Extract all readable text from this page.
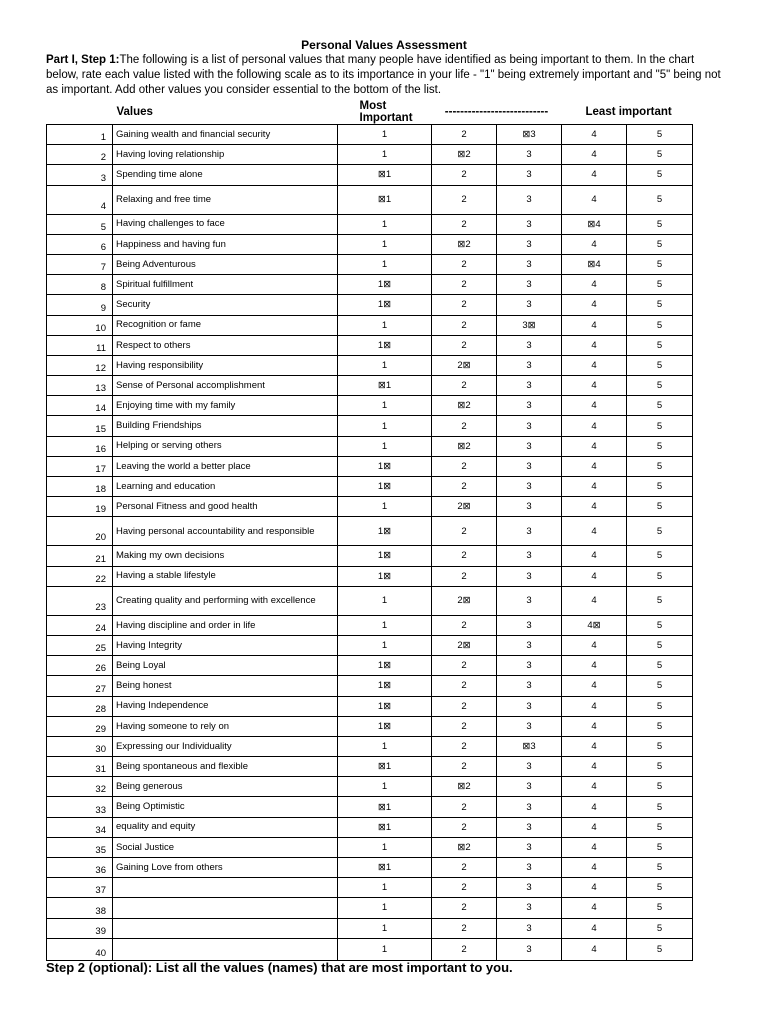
Personal Values Assessment
Part I, Step 1:The following is a list of personal values that many people have identified as being important to them. In the chart below, rate each value listed with the following scale as to its importance in your life - "1" being extremely important and "5" being not as important. Add other values you consider essential to the bottom of the list.
	Values	Most Important	---------------------------		Least important	
1	Gaining wealth and financial security	1	2	⊠3	4	5
2	Having loving relationship	1	⊠2	3	4	5
3	Spending time alone	⊠1	2	3	4	5
4	Relaxing and free time	⊠1	2	3	4	5
5	Having challenges to face	1	2	3	⊠4	5
6	Happiness and having fun	1	⊠2	3	4	5
7	Being Adventurous	1	2	3	⊠4	5
8	Spiritual fulfillment	1⊠	2	3	4	5
9	Security	1⊠	2	3	4	5
10	Recognition or fame	1	2	3⊠	4	5
11	Respect to others	1⊠	2	3	4	5
12	Having responsibility	1	2⊠	3	4	5
13	Sense of Personal accomplishment	⊠1	2	3	4	5
14	Enjoying time with my family	1	⊠2	3	4	5
15	Building Friendships	1	2	3	4	5
16	Helping or serving others	1	⊠2	3	4	5
17	Leaving the world a better place	1⊠	2	3	4	5
18	Learning and education	1⊠	2	3	4	5
19	Personal Fitness and good health	1	2⊠	3	4	5
20	Having personal accountability and responsible	1⊠	2	3	4	5
21	Making my own decisions	1⊠	2	3	4	5
22	Having a stable lifestyle	1⊠	2	3	4	5
23	Creating quality and performing with excellence	1	2⊠	3	4	5
24	Having discipline and order in life	1	2	3	4⊠	5
25	Having Integrity	1	2⊠	3	4	5
26	Being Loyal	1⊠	2	3	4	5
27	Being honest	1⊠	2	3	4	5
28	Having Independence	1⊠	2	3	4	5
29	Having someone to rely on	1⊠	2	3	4	5
30	Expressing our Individuality	1	2	⊠3	4	5
31	Being spontaneous and flexible	⊠1	2	3	4	5
32	Being generous	1	⊠2	3	4	5
33	Being Optimistic	⊠1	2	3	4	5
34	equality and equity	⊠1	2	3	4	5
35	Social Justice	1	⊠2	3	4	5
36	Gaining Love from others	⊠1	2	3	4	5
37		1	2	3	4	5
38		1	2	3	4	5
39		1	2	3	4	5
40		1	2	3	4	5
Step 2 (optional): List all the values (names) that are most important to you.
